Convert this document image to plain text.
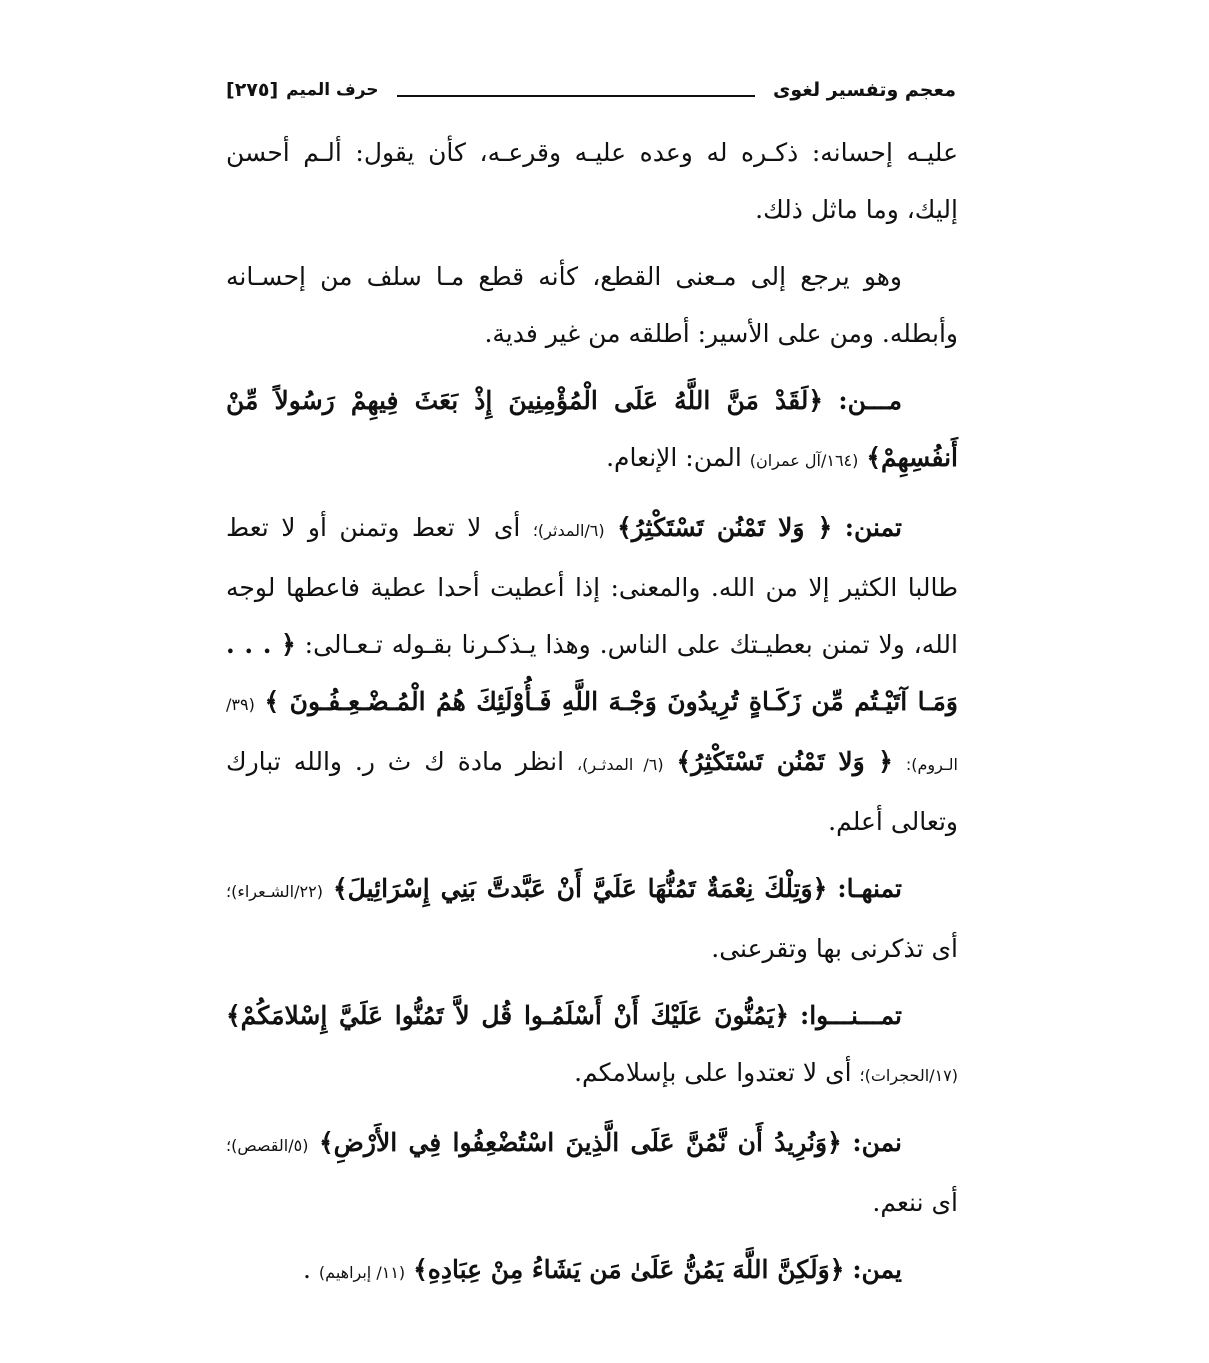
معجم وتفسير لغوى
حرف الميم
[٢٧٥]

عليـه إحسانه: ذكـره له وعده عليـه وقرعـه، كأن يقول: ألـم أحسن إليك، وما ماثل ذلك.

وهو يرجع إلى مـعنى القطع، كأنه قطع مـا سلف من إحسـانه وأبطله. ومن على الأسير: أطلقه من غير فدية.

مـــن: ﴿لَقَدْ مَنَّ اللَّهُ عَلَى الْمُؤْمِنِينَ إِذْ بَعَثَ فِيهِمْ رَسُولاً مِّنْ أَنفُسِهِمْ﴾ (١٦٤/آل عمران) المن: الإنعام.

تمنن: ﴿ وَلا تَمْنُن تَسْتَكْثِرُ﴾ (٦/المدثر)؛ أى لا تعط وتمنن أو لا تعط طالبا الكثير إلا من الله. والمعنى: إذا أعطيت أحدا عطية فاعطها لوجه الله، ولا تمنن بعطيـتك على الناس. وهذا يـذكـرنا بقـوله تـعـالى: ﴿ . . . وَمَـا آتَيْـتُم مِّن زَكَـاةٍ تُرِيدُونَ وَجْـهَ اللَّهِ فَـأُوْلَئِكَ هُمُ الْمُـضْـعِـفُـونَ ﴾ (٣٩/الـروم): ﴿ وَلا تَمْنُن تَسْتَكْثِرُ﴾ (٦/ المدثـر)، انظر مادة ك ث ر. والله تبارك وتعالى أعلم.

تمنهـا: ﴿وَتِلْكَ نِعْمَةٌ تَمُنُّهَا عَلَيَّ أَنْ عَبَّدتَّ بَنِي إِسْرَائِيلَ﴾ (٢٢/الشـعراء)؛ أى تذكرنى بها وتقرعنى.

تمـــنـــوا: ﴿يَمُنُّونَ عَلَيْكَ أَنْ أَسْلَمُـوا قُل لاَّ تَمُنُّوا عَلَيَّ إِسْلامَكُمْ﴾ (١٧/الحجرات)؛ أى لا تعتدوا على بإسلامكم.

نمن: ﴿وَنُرِيدُ أَن نَّمُنَّ عَلَى الَّذِينَ اسْتُضْعِفُوا فِي الأَرْضِ﴾ (٥/القصص)؛ أى ننعم.

يمن: ﴿وَلَكِنَّ اللَّهَ يَمُنُّ عَلَىٰ مَن يَشَاءُ مِنْ عِبَادِهِ﴾ (١١/ إبراهيم) .
